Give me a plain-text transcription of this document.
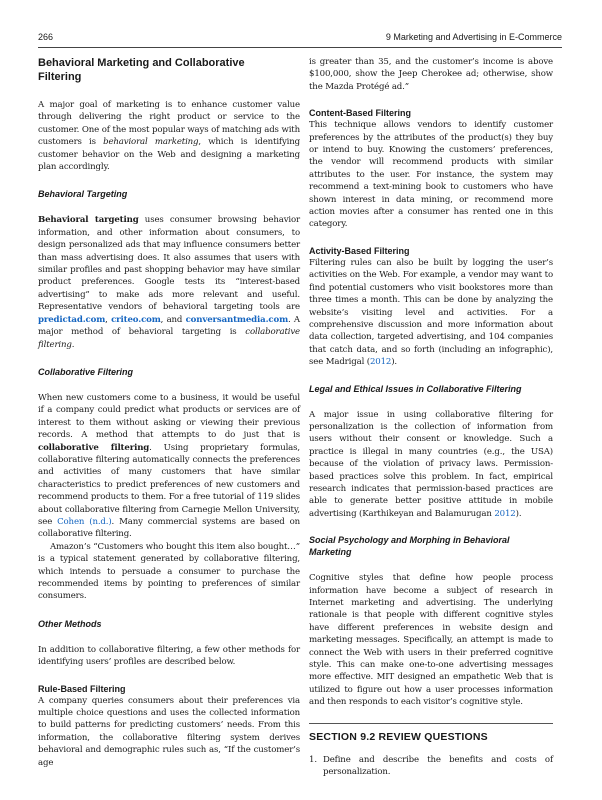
266	9 Marketing and Advertising in E-Commerce
Behavioral Marketing and Collaborative Filtering

A major goal of marketing is to enhance customer value through delivering the right product or service to the customer. One of the most popular ways of matching ads with customers is behavioral marketing, which is identifying customer behavior on the Web and designing a marketing plan accordingly.

Behavioral Targeting

Behavioral targeting uses consumer browsing behavior information, and other information about consumers, to design personalized ads that may influence consumers better than mass advertising does. It also assumes that users with similar profiles and past shopping behavior may have similar product preferences. Google tests its “interest-based advertising” to make ads more relevant and useful. Representative vendors of behavioral targeting tools are predictad.com, criteo.com, and conversantmedia.com. A major method of behavioral targeting is collaborative filtering.

Collaborative Filtering

When new customers come to a business, it would be useful if a company could predict what products or services are of interest to them without asking or viewing their previous records. A method that attempts to do just that is collaborative filtering. Using proprietary formulas, collaborative filtering automatically connects the preferences and activities of many customers that have similar characteristics to predict preferences of new customers and recommend products to them. For a free tutorial of 119 slides about collaborative filtering from Carnegie Mellon University, see Cohen (n.d.). Many commercial systems are based on collaborative filtering.

Amazon’s “Customers who bought this item also bought…” is a typical statement generated by collaborative filtering, which intends to persuade a consumer to purchase the recommended items by pointing to preferences of similar consumers.

Other Methods

In addition to collaborative filtering, a few other methods for identifying users’ profiles are described below.

Rule-Based Filtering

A company queries consumers about their preferences via multiple choice questions and uses the collected information to build patterns for predicting customers’ needs. From this information, the collaborative filtering system derives behavioral and demographic rules such as, “If the customer’s age

is greater than 35, and the customer’s income is above $100,000, show the Jeep Cherokee ad; otherwise, show the Mazda Protégé ad.”

Content-Based Filtering

This technique allows vendors to identify customer preferences by the attributes of the product(s) they buy or intend to buy. Knowing the customers’ preferences, the vendor will recommend products with similar attributes to the user. For instance, the system may recommend a text-mining book to customers who have shown interest in data mining, or recommend more action movies after a consumer has rented one in this category.

Activity-Based Filtering

Filtering rules can also be built by logging the user’s activities on the Web. For example, a vendor may want to find potential customers who visit bookstores more than three times a month. This can be done by analyzing the website’s visiting level and activities. For a comprehensive discussion and more information about data collection, targeted advertising, and 104 companies that catch data, and so forth (including an infographic), see Madrigal (2012).

Legal and Ethical Issues in Collaborative Filtering

A major issue in using collaborative filtering for personalization is the collection of information from users without their consent or knowledge. Such a practice is illegal in many countries (e.g., the USA) because of the violation of privacy laws. Permission-based practices solve this problem. In fact, empirical research indicates that permission-based practices are able to generate better positive attitude in mobile advertising (Karthikeyan and Balamurugan 2012).

Social Psychology and Morphing in Behavioral Marketing

Cognitive styles that define how people process information have become a subject of research in Internet marketing and advertising. The underlying rationale is that people with different cognitive styles have different preferences in website design and marketing messages. Specifically, an attempt is made to connect the Web with users in their preferred cognitive style. This can make one-to-one advertising messages more effective. MIT designed an empathetic Web that is utilized to figure out how a user processes information and then responds to each visitor’s cognitive style.

SECTION 9.2 REVIEW QUESTIONS

1. Define and describe the benefits and costs of personalization.
